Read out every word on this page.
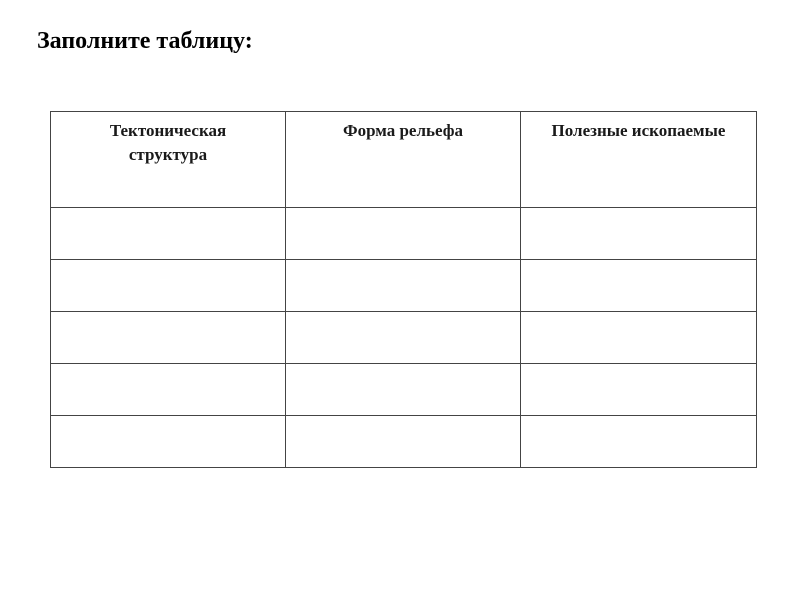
Заполните таблицу:
Тектоническая структура	Форма рельефа	Полезные ископаемые
